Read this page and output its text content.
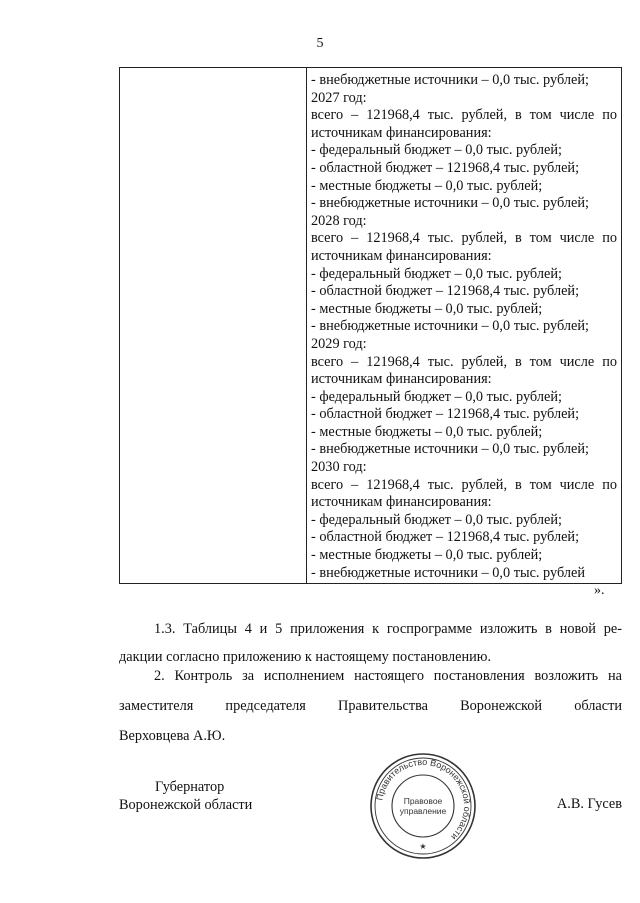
5
- внебюджетные источники – 0,0 тыс. рублей;
2027 год:
всего – 121968,4 тыс. рублей, в том числе по
источникам финансирования:
- федеральный бюджет – 0,0 тыс. рублей;
- областной бюджет – 121968,4 тыс. рублей;
- местные бюджеты – 0,0 тыс. рублей;
- внебюджетные источники – 0,0 тыс. рублей;
2028 год:
всего – 121968,4 тыс. рублей, в том числе по
источникам финансирования:
- федеральный бюджет – 0,0 тыс. рублей;
- областной бюджет – 121968,4 тыс. рублей;
- местные бюджеты – 0,0 тыс. рублей;
- внебюджетные источники – 0,0 тыс. рублей;
2029 год:
всего – 121968,4 тыс. рублей, в том числе по
источникам финансирования:
- федеральный бюджет – 0,0 тыс. рублей;
- областной бюджет – 121968,4 тыс. рублей;
- местные бюджеты – 0,0 тыс. рублей;
- внебюджетные источники – 0,0 тыс. рублей;
2030 год:
всего – 121968,4 тыс. рублей, в том числе по
источникам финансирования:
- федеральный бюджет – 0,0 тыс. рублей;
- областной бюджет – 121968,4 тыс. рублей;
- местные бюджеты – 0,0 тыс. рублей;
- внебюджетные источники – 0,0 тыс. рублей
».
1.3. Таблицы 4 и 5 приложения к госпрограмме изложить в новой ре-
дакции согласно приложению к настоящему постановлению.
2. Контроль за исполнением настоящего постановления возложить на
заместителя председателя Правительства Воронежской области
Верховцева А.Ю.
Губернатор
Воронежской области	Правительство Воронежской области
Правовое
управление
★
А.В. Гусев
